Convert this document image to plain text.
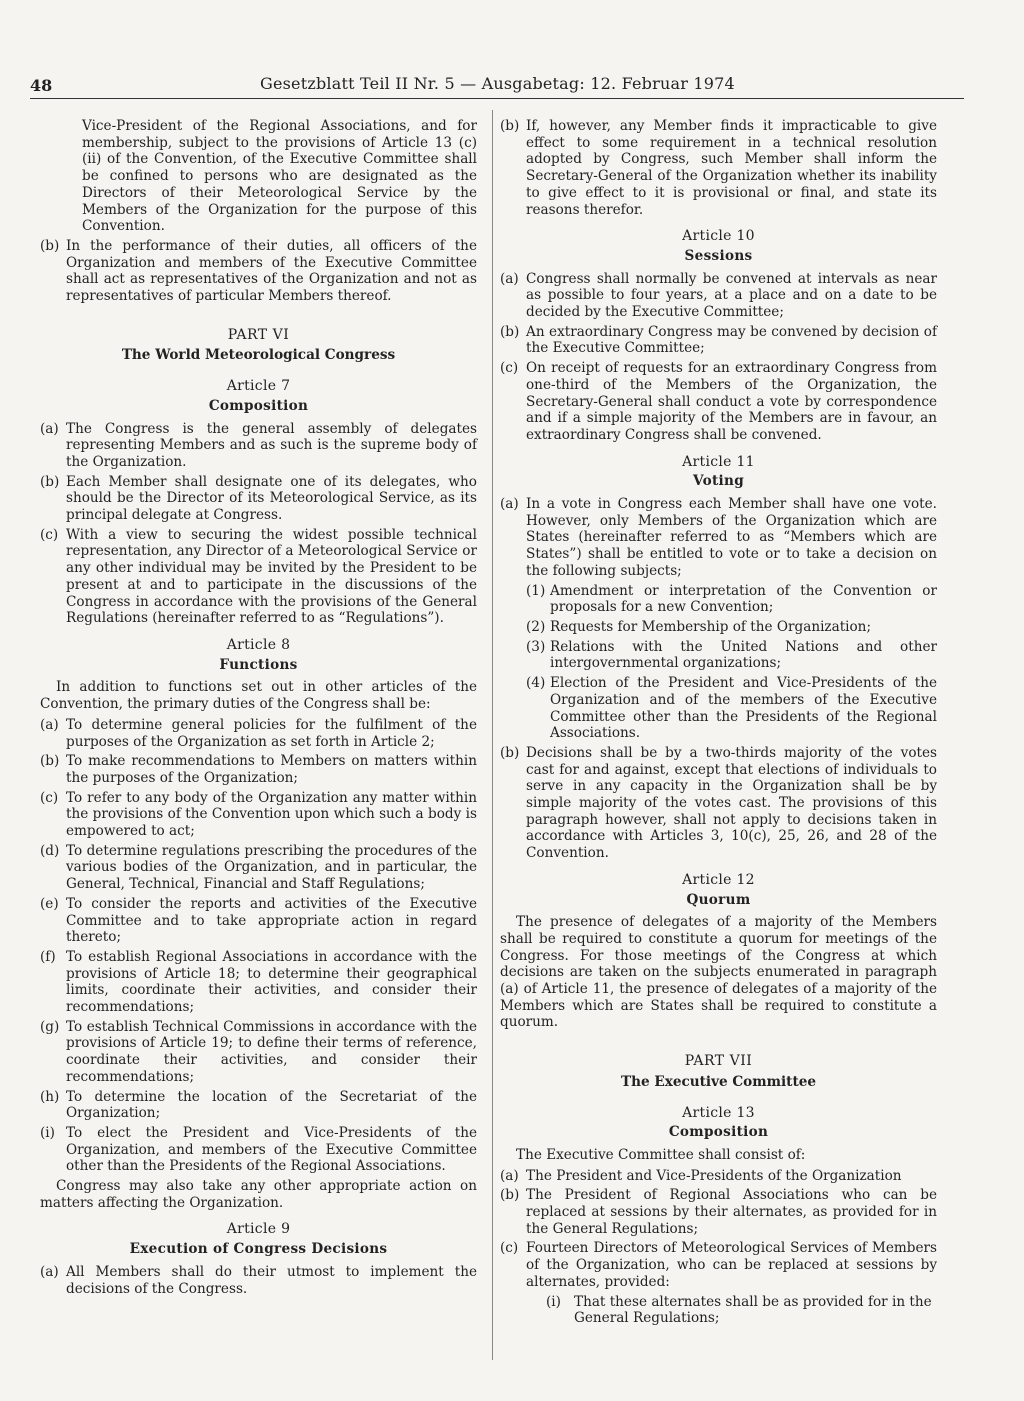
48	Gesetzblatt Teil II Nr. 5 — Ausgabetag: 12. Februar 1974
Vice-President of the Regional Associations, and for membership, subject to the provisions of Article 13 (c) (ii) of the Convention, of the Executive Committee shall be confined to persons who are designated as the Directors of their Meteorological Service by the Members of the Organization for the purpose of this Convention.
(b) In the performance of their duties, all officers of the Organization and members of the Executive Committee shall act as representatives of the Organization and not as representatives of particular Members thereof.
PART VI
The World Meteorological Congress
Article 7
Composition
(a) The Congress is the general assembly of delegates representing Members and as such is the supreme body of the Organization.
(b) Each Member shall designate one of its delegates, who should be the Director of its Meteorological Service, as its principal delegate at Congress.
(c) With a view to securing the widest possible technical representation, any Director of a Meteorological Service or any other individual may be invited by the President to be present at and to participate in the discussions of the Congress in accordance with the provisions of the General Regulations (hereinafter referred to as “Regulations”).
Article 8
Functions
In addition to functions set out in other articles of the Convention, the primary duties of the Congress shall be:
(a) To determine general policies for the fulfilment of the purposes of the Organization as set forth in Article 2;
(b) To make recommendations to Members on matters within the purposes of the Organization;
(c) To refer to any body of the Organization any matter within the provisions of the Convention upon which such a body is empowered to act;
(d) To determine regulations prescribing the procedures of the various bodies of the Organization, and in particular, the General, Technical, Financial and Staff Regulations;
(e) To consider the reports and activities of the Executive Committee and to take appropriate action in regard thereto;
(f) To establish Regional Associations in accordance with the provisions of Article 18; to determine their geographical limits, coordinate their activities, and consider their recommendations;
(g) To establish Technical Commissions in accordance with the provisions of Article 19; to define their terms of reference, coordinate their activities, and consider their recommendations;
(h) To determine the location of the Secretariat of the Organization;
(i) To elect the President and Vice-Presidents of the Organization, and members of the Executive Committee other than the Presidents of the Regional Associations.
Congress may also take any other appropriate action on matters affecting the Organization.
Article 9
Execution of Congress Decisions
(a) All Members shall do their utmost to implement the decisions of the Congress.
(b) If, however, any Member finds it impracticable to give effect to some requirement in a technical resolution adopted by Congress, such Member shall inform the Secretary-General of the Organization whether its inability to give effect to it is provisional or final, and state its reasons therefor.
Article 10
Sessions
(a) Congress shall normally be convened at intervals as near as possible to four years, at a place and on a date to be decided by the Executive Committee;
(b) An extraordinary Congress may be convened by decision of the Executive Committee;
(c) On receipt of requests for an extraordinary Congress from one-third of the Members of the Organization, the Secretary-General shall conduct a vote by correspondence and if a simple majority of the Members are in favour, an extraordinary Congress shall be convened.
Article 11
Voting
(a) In a vote in Congress each Member shall have one vote. However, only Members of the Organization which are States (hereinafter referred to as “Members which are States”) shall be entitled to vote or to take a decision on the following subjects;
(1) Amendment or interpretation of the Convention or proposals for a new Convention;
(2) Requests for Membership of the Organization;
(3) Relations with the United Nations and other intergovernmental organizations;
(4) Election of the President and Vice-Presidents of the Organization and of the members of the Executive Committee other than the Presidents of the Regional Associations.
(b) Decisions shall be by a two-thirds majority of the votes cast for and against, except that elections of individuals to serve in any capacity in the Organization shall be by simple majority of the votes cast. The provisions of this paragraph however, shall not apply to decisions taken in accordance with Articles 3, 10(c), 25, 26, and 28 of the Convention.
Article 12
Quorum
The presence of delegates of a majority of the Members shall be required to constitute a quorum for meetings of the Congress. For those meetings of the Congress at which decisions are taken on the subjects enumerated in paragraph (a) of Article 11, the presence of delegates of a majority of the Members which are States shall be required to constitute a quorum.
PART VII
The Executive Committee
Article 13
Composition
The Executive Committee shall consist of:
(a) The President and Vice-Presidents of the Organization
(b) The President of Regional Associations who can be replaced at sessions by their alternates, as provided for in the General Regulations;
(c) Fourteen Directors of Meteorological Services of Members of the Organization, who can be replaced at sessions by alternates, provided:
(i) That these alternates shall be as provided for in the General Regulations;
